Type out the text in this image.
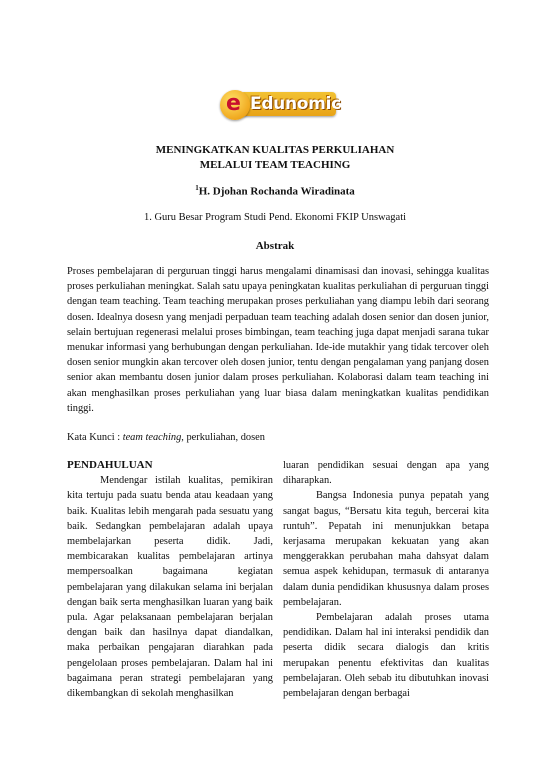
e Edunomic
MENINGKATKAN KUALITAS PERKULIAHAN
MELALUI TEAM TEACHING
$^1$H. Djohan Rochanda Wiradinata
1. Guru Besar Program Studi Pend. Ekonomi FKIP Unswagati
Abstrak

Proses pembelajaran di perguruan tinggi harus mengalami dinamisasi dan inovasi, sehingga kualitas proses perkuliahan meningkat. Salah satu upaya peningkatan kualitas perkuliahan di perguruan tinggi dengan team teaching. Team teaching merupakan proses perkuliahan yang diampu lebih dari seorang dosen. Idealnya dosesn yang menjadi perpaduan team teaching adalah dosen senior dan dosen junior, selain bertujuan regenerasi melalui proses bimbingan, team teaching juga dapat menjadi sarana tukar menukar informasi yang berhubungan dengan perkuliahan. Ide-ide mutakhir yang tidak tercover oleh dosen senior mungkin akan tercover oleh dosen junior, tentu dengan pengalaman yang panjang dosen senior akan membantu dosen junior dalam proses perkuliahan. Kolaborasi dalam team teaching ini akan menghasilkan proses perkuliahan yang luar biasa dalam meningkatkan kualitas pendidikan tinggi.

Kata Kunci : team teaching, perkuliahan, dosen

PENDAHULUAN

Mendengar istilah kualitas, pemikiran kita tertuju pada suatu benda atau keadaan yang baik. Kualitas lebih mengarah pada sesuatu yang baik. Sedangkan pembelajaran adalah upaya membelajarkan peserta didik. Jadi, membicarakan kualitas pembelajaran artinya mempersoalkan bagaimana kegiatan pembelajaran yang dilakukan selama ini berjalan dengan baik serta menghasilkan luaran yang baik pula. Agar pelaksanaan pembelajaran berjalan dengan baik dan hasilnya dapat diandalkan, maka perbaikan pengajaran diarahkan pada pengelolaan proses pembelajaran. Dalam hal ini bagaimana peran strategi pembelajaran yang dikembangkan di sekolah menghasilkan

luaran pendidikan sesuai dengan apa yang diharapkan.

Bangsa Indonesia punya pepatah yang sangat bagus, “Bersatu kita teguh, bercerai kita runtuh”. Pepatah ini menunjukkan betapa kerjasama merupakan kekuatan yang akan menggerakkan perubahan maha dahsyat dalam semua aspek kehidupan, termasuk di antaranya dalam dunia pendidikan khususnya dalam proses pembelajaran.

Pembelajaran adalah proses utama pendidikan. Dalam hal ini interaksi pendidik dan peserta didik secara dialogis dan kritis merupakan penentu efektivitas dan kualitas pembelajaran. Oleh sebab itu dibutuhkan inovasi pembelajaran dengan berbagai
